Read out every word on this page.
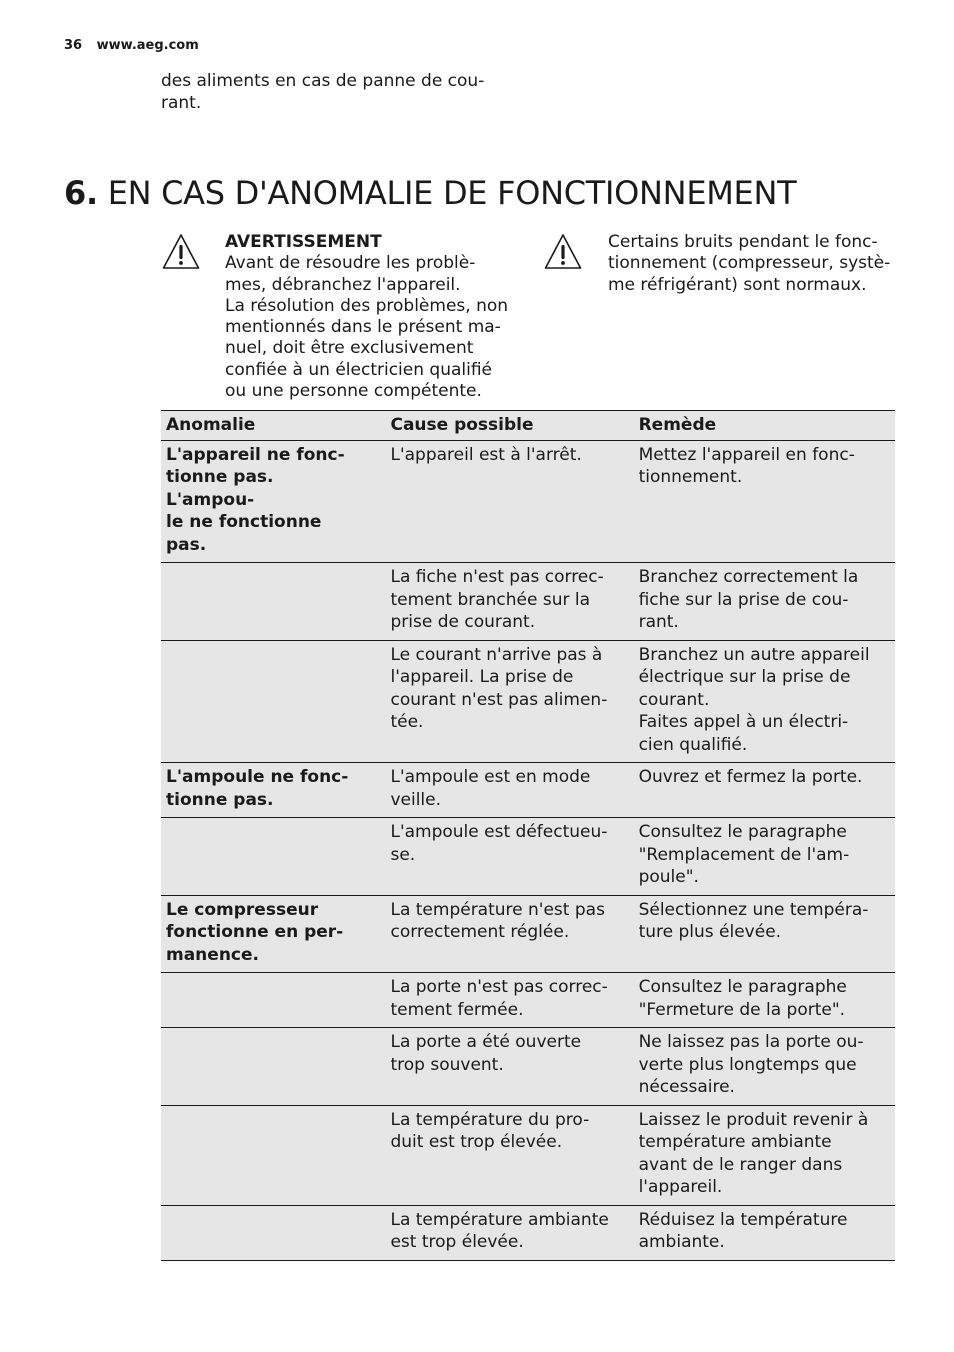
36 www.aeg.com
des aliments en cas de panne de cou-
rant.
6. EN CAS D'ANOMALIE DE FONCTIONNEMENT
AVERTISSEMENT
Avant de résoudre les problè-
mes, débranchez l'appareil.
La résolution des problèmes, non
mentionnés dans le présent ma-
nuel, doit être exclusivement
confiée à un électricien qualifié
ou une personne compétente.
Certains bruits pendant le fonc-
tionnement (compresseur, systè-
me réfrigérant) sont normaux.
Anomalie	Cause possible	Remède

L'appareil ne fonc-
tionne pas. L'ampou-
le ne fonctionne pas.	L'appareil est à l'arrêt.	Mettez l'appareil en fonc-
tionnement.

	La fiche n'est pas correc-
tement branchée sur la
prise de courant.	Branchez correctement la
fiche sur la prise de cou-
rant.

	Le courant n'arrive pas à
l'appareil. La prise de
courant n'est pas alimen-
tée.	Branchez un autre appareil
électrique sur la prise de
courant.
Faites appel à un électri-
cien qualifié.

L'ampoule ne fonc-
tionne pas.	L'ampoule est en mode
veille.	Ouvrez et fermez la porte.

	L'ampoule est défectueu-
se.	Consultez le paragraphe
"Remplacement de l'am-
poule".

Le compresseur
fonctionne en per-
manence.	La température n'est pas
correctement réglée.	Sélectionnez une tempéra-
ture plus élevée.

	La porte n'est pas correc-
tement fermée.	Consultez le paragraphe
"Fermeture de la porte".

	La porte a été ouverte
trop souvent.	Ne laissez pas la porte ou-
verte plus longtemps que
nécessaire.

	La température du pro-
duit est trop élevée.	Laissez le produit revenir à
température ambiante
avant de le ranger dans
l'appareil.

	La température ambiante
est trop élevée.	Réduisez la température
ambiante.
